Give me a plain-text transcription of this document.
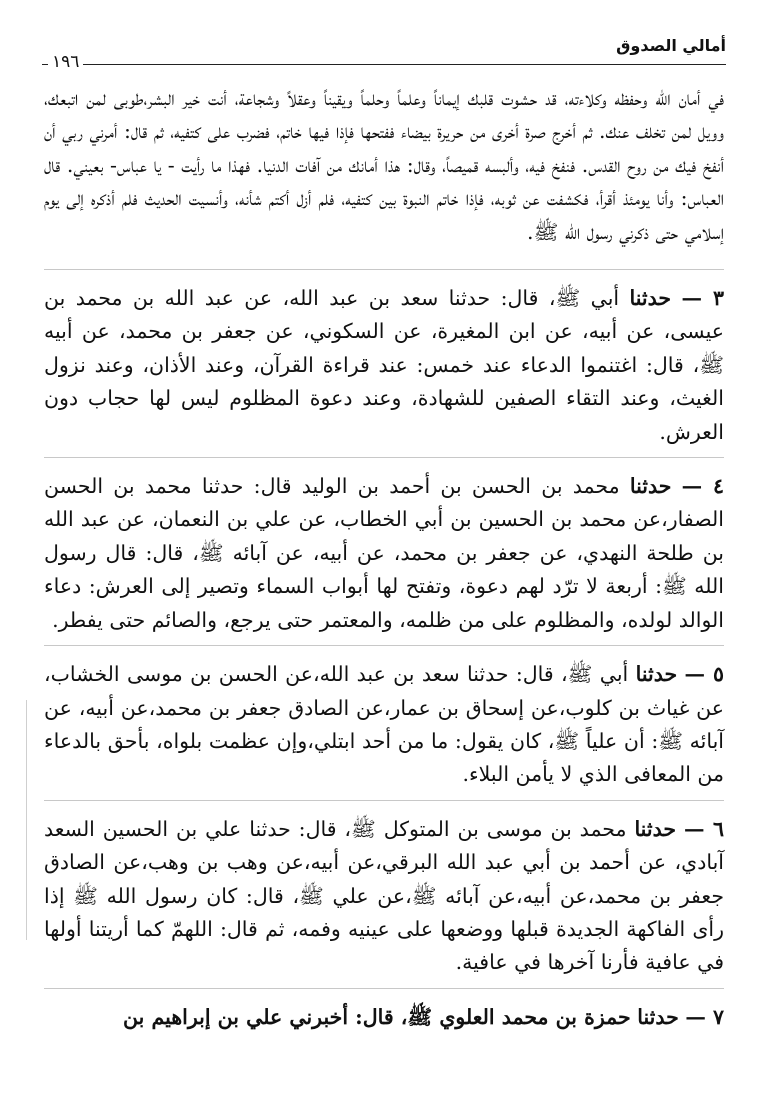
أمالي الصدوق
١٩٦

في أمان الله وحفظه وكلاءته، قد حشوت قلبك إيماناً وعلماً وحلماً ويقيناً وعقلاً وشجاعة، أنت خير البشر،طوبى لمن اتبعك، وويل لمن تخلف عنك. ثم أخرج صرة أخرى من حريرة بيضاء ففتحها فإذا فيها خاتم، فضرب على كتفيه، ثم قال: أمرني ربي أن أنفخ فيك من روح القدس. فنفخ فيه، وألبسه قميصاً، وقال: هذا أمانك من آفات الدنيا. فهذا ما رأيت - يا عباس- بعيني. قال العباس: وأنا يومئذ أقرأ، فكشفت عن ثوبه، فإذا خاتم النبوة بين كتفيه، فلم أزل أكتم شأنه، وأنسيت الحديث فلم أذكره إلى يوم إسلامي حتى ذكرني رسول الله ﷺ.

٣ — حدثنا أبي ﷺ، قال: حدثنا سعد بن عبد الله، عن عبد الله بن محمد بن عيسى، عن أبيه، عن ابن المغيرة، عن السكوني، عن جعفر بن محمد، عن أبيه ﷺ، قال: اغتنموا الدعاء عند خمس: عند قراءة القرآن، وعند الأذان، وعند نزول الغيث، وعند التقاء الصفين للشهادة، وعند دعوة المظلوم ليس لها حجاب دون العرش.

٤ — حدثنا محمد بن الحسن بن أحمد بن الوليد قال: حدثنا محمد بن الحسن الصفار،عن محمد بن الحسين بن أبي الخطاب، عن علي بن النعمان، عن عبد الله بن طلحة النهدي، عن جعفر بن محمد، عن أبيه، عن آبائه ﷺ، قال: قال رسول الله ﷺ: أربعة لا ترّد لهم دعوة، وتفتح لها أبواب السماء وتصير إلى العرش: دعاء الوالد لولده، والمظلوم على من ظلمه، والمعتمر حتى يرجع، والصائم حتى يفطر.

٥ — حدثنا أبي ﷺ، قال: حدثنا سعد بن عبد الله،عن الحسن بن موسى الخشاب، عن غياث بن كلوب،عن إسحاق بن عمار،عن الصادق جعفر بن محمد،عن أبيه، عن آبائه ﷺ: أن علياً ﷺ، كان يقول: ما من أحد ابتلي،وإن عظمت بلواه، بأحق بالدعاء من المعافى الذي لا يأمن البلاء.

٦ — حدثنا محمد بن موسى بن المتوكل ﷺ، قال: حدثنا علي بن الحسين السعد آبادي، عن أحمد بن أبي عبد الله البرقي،عن أبيه،عن وهب بن وهب،عن الصادق جعفر بن محمد،عن أبيه،عن آبائه ﷺ،عن علي ﷺ، قال: كان رسول الله ﷺ إذا رأى الفاكهة الجديدة قبلها ووضعها على عينيه وفمه، ثم قال: اللهمّ كما أريتنا أولها في عافية فأرنا آخرها في عافية.

٧ — حدثنا حمزة بن محمد العلوي ﷺ، قال: أخبرني علي بن إبراهيم بن
